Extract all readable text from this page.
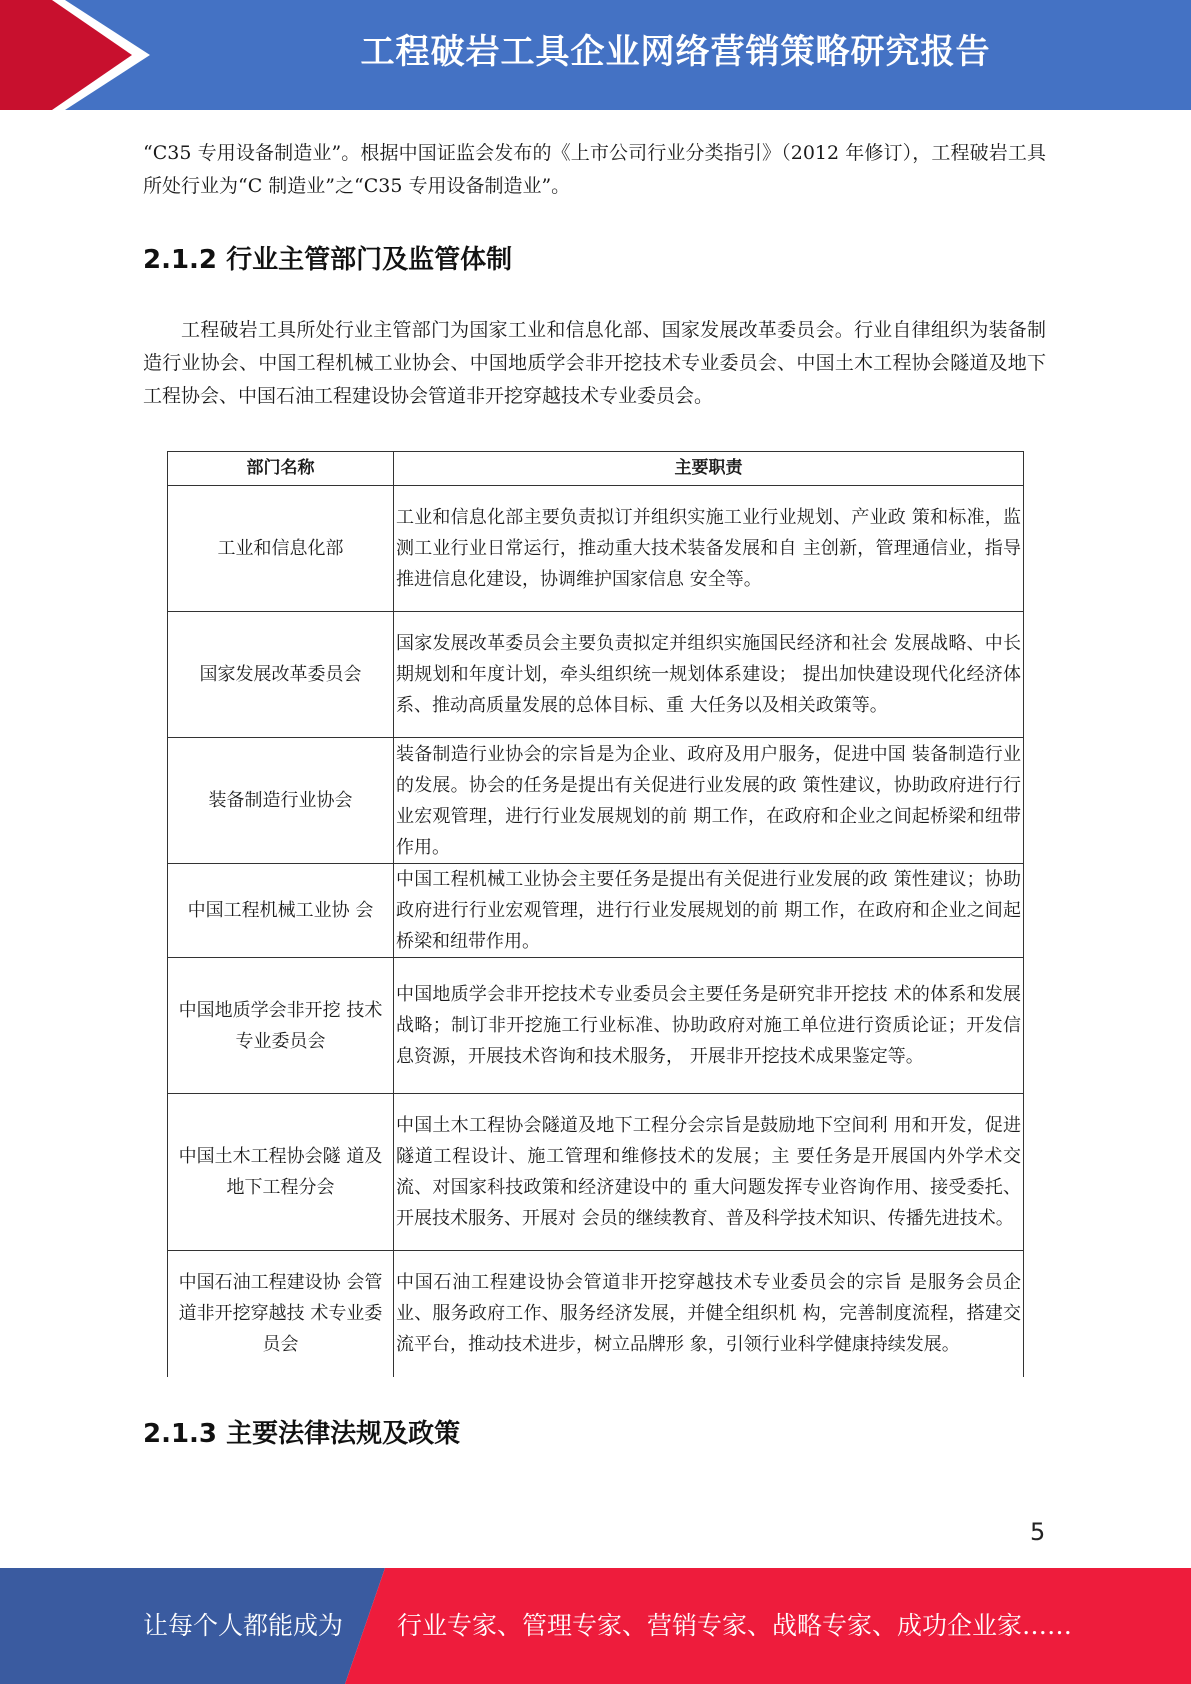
工程破岩工具企业网络营销策略研究报告

“C35 专用设备制造业”。根据中国证监会发布的《上市公司行业分类指引》（2012 年修订），工程破岩工具所处行业为“C 制造业”之“C35 专用设备制造业”。

2.1.2 行业主管部门及监管体制

工程破岩工具所处行业主管部门为国家工业和信息化部、国家发展改革委员会。行业自律组织为装备制造行业协会、中国工程机械工业协会、中国地质学会非开挖技术专业委员会、中国土木工程协会隧道及地下工程协会、中国石油工程建设协会管道非开挖穿越技术专业委员会。

部门名称	主要职责
工业和信息化部	工业和信息化部主要负责拟订并组织实施工业行业规划、产业政 策和标准，监测工业行业日常运行，推动重大技术装备发展和自 主创新，管理通信业，指导推进信息化建设，协调维护国家信息 安全等。
国家发展改革委员会	国家发展改革委员会主要负责拟定并组织实施国民经济和社会 发展战略、中长期规划和年度计划，牵头组织统一规划体系建设； 提出加快建设现代化经济体系、推动高质量发展的总体目标、重 大任务以及相关政策等。
装备制造行业协会	装备制造行业协会的宗旨是为企业、政府及用户服务，促进中国 装备制造行业的发展。协会的任务是提出有关促进行业发展的政 策性建议，协助政府进行行业宏观管理，进行行业发展规划的前 期工作，在政府和企业之间起桥梁和纽带作用。
中国工程机械工业协 会	中国工程机械工业协会主要任务是提出有关促进行业发展的政 策性建议；协助政府进行行业宏观管理，进行行业发展规划的前 期工作，在政府和企业之间起桥梁和纽带作用。
中国地质学会非开挖 技术专业委员会	中国地质学会非开挖技术专业委员会主要任务是研究非开挖技 术的体系和发展战略；制订非开挖施工行业标准、协助政府对施工单位进行资质论证；开发信息资源，开展技术咨询和技术服务， 开展非开挖技术成果鉴定等。
中国土木工程协会隧 道及地下工程分会	中国土木工程协会隧道及地下工程分会宗旨是鼓励地下空间利 用和开发，促进隧道工程设计、施工管理和维修技术的发展；主 要任务是开展国内外学术交流、对国家科技政策和经济建设中的 重大问题发挥专业咨询作用、接受委托、开展技术服务、开展对 会员的继续教育、普及科学技术知识、传播先进技术。
中国石油工程建设协 会管道非开挖穿越技 术专业委员会	中国石油工程建设协会管道非开挖穿越技术专业委员会的宗旨 是服务会员企业、服务政府工作、服务经济发展，并健全组织机 构，完善制度流程，搭建交流平台，推动技术进步，树立品牌形 象，引领行业科学健康持续发展。
2.1.3 主要法律法规及政策
5
让每个人都能成为 行业专家、管理专家、营销专家、战略专家、成功企业家……
